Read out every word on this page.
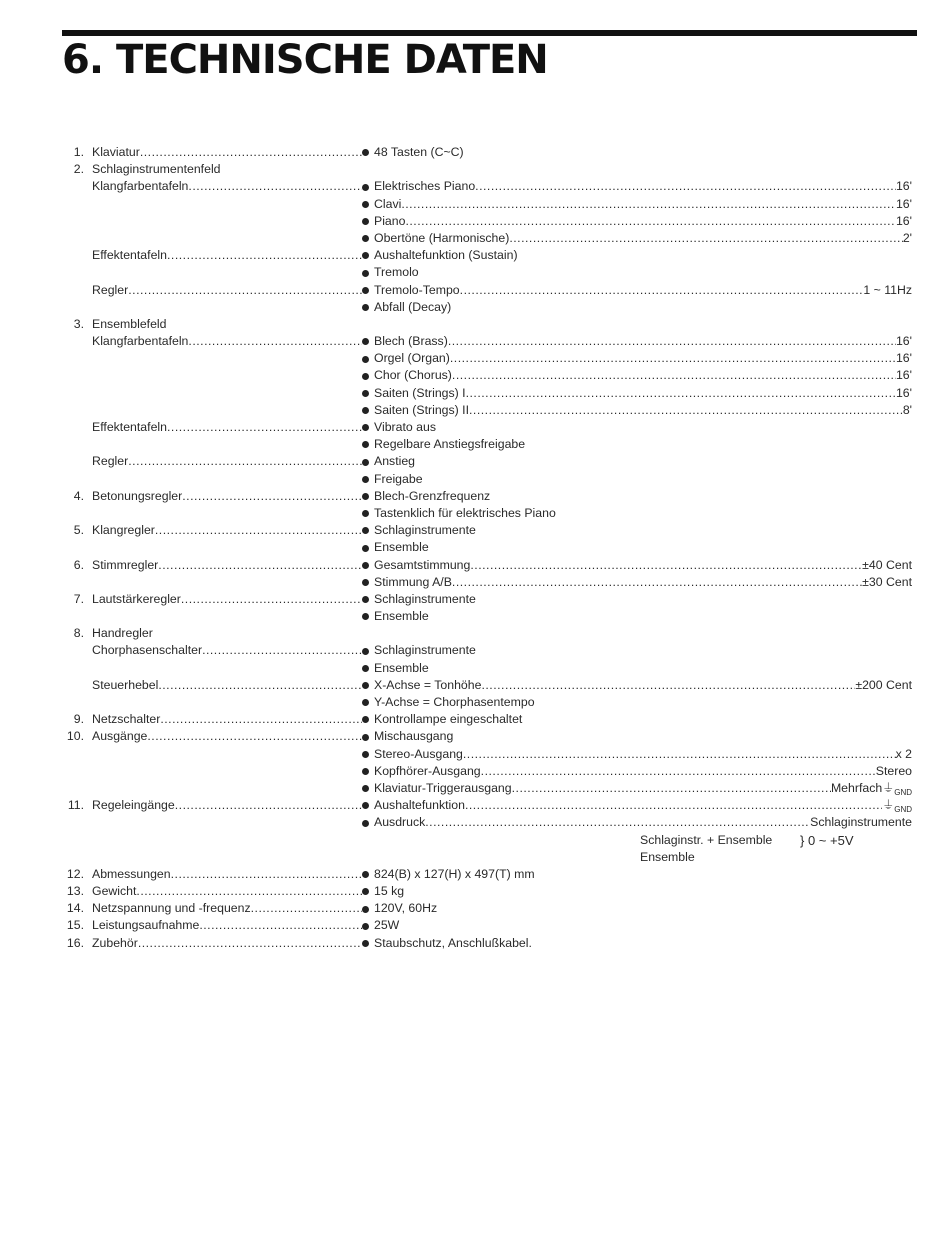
6. TECHNISCHE DATEN
1. Klaviatur .....	48 Tasten (C~C)
2. Schlaginstrumentenfeld
Klangfarbentafeln .....	Elektrisches Piano .....	16'
Clavi .....	16'
Piano .....	16'
Obertöne (Harmonische) .....	2'
Effektentafeln .....	Aushaltefunktion (Sustain)
Tremolo
Regler .....	Tremolo-Tempo .....	1 ~ 11Hz
Abfall (Decay)
3. Ensemblefeld
Klangfarbentafeln .....	Blech (Brass) .....	16'
Orgel (Organ) .....	16'
Chor (Chorus) .....	16'
Saiten (Strings) I .....	16'
Saiten (Strings) II .....	8'
Effektentafeln .....	Vibrato aus
Regelbare Anstiegsfreigabe
Regler .....	Anstieg
Freigabe
4. Betonungsregler .....	Blech-Grenzfrequenz
Tastenklich für elektrisches Piano
5. Klangregler .....	Schlaginstrumente
Ensemble
6. Stimmregler .....	Gesamtstimmung .....	±40 Cent
Stimmung A/B .....	±30 Cent
7. Lautstärkeregler .....	Schlaginstrumente
Ensemble
8. Handregler
Chorphasenschalter .....	Schlaginstrumente
Ensemble
Steuerhebel .....	X-Achse = Tonhöhe .....	±200 Cent
Y-Achse = Chorphasentempo
9. Netzschalter .....	Kontrollampe eingeschaltet
10. Ausgänge .....	Mischausgang
Stereo-Ausgang .....	x 2
Kopfhörer-Ausgang .....	Stereo
Klaviatur-Triggerausgang .....	Mehrfach $⏚_{GND}$
11. Regeleingänge .....	Aushaltefunktion .....	$⏚_{GND}$
Ausdruck .....	Schlaginstrumente
Schlaginstr. + Ensemble } 0 ~ +5V
Ensemble
12. Abmessungen .....	824(B) x 127(H) x 497(T) mm
13. Gewicht .....	15 kg
14. Netzspannung und -frequenz .....	120V, 60Hz
15. Leistungsaufnahme .....	25W
16. Zubehör .....	Staubschutz, Anschlußkabel.
